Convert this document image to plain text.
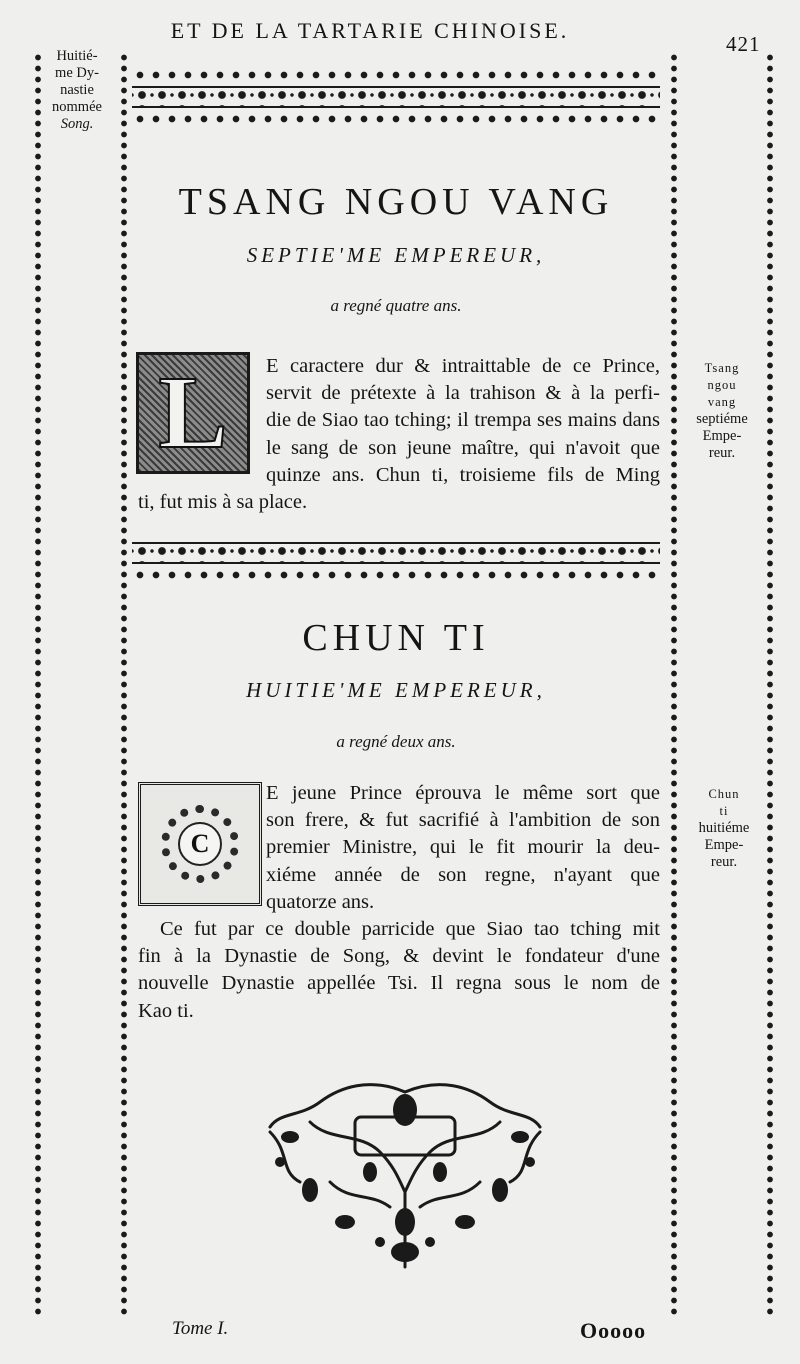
ET DE LA TARTARIE CHINOISE.
421
Huitié-
me Dy-
nastie
nommée
Song.
TSANG NGOU VANG
SEPTIE'ME EMPEREUR,
a regné quatre ans.
L	E caractere dur & intraittable de ce Prince,
servit de prétexte à la trahison & à la perfi-
die de Siao tao tching; il trempa ses mains dans
le sang de son jeune maître, qui n'avoit que
quinze ans. Chun ti, troisieme fils de Ming
ti, fut mis à sa place.
Tsang
ngou
vang
septiéme
Empe-
reur.
CHUN TI
HUITIE'ME EMPEREUR,
a regné deux ans.
C
E jeune Prince éprouva le même sort que
son frere, & fut sacrifié à l'ambition de son
premier Ministre, qui le fit mourir la deu-
xiéme année de son regne, n'ayant que
quatorze ans.
Ce fut par ce double parricide que Siao tao tching mit
fin à la Dynastie de Song, & devint le fondateur d'une
nouvelle Dynastie appellée Tsi. Il regna sous le nom de
Kao ti.
Chun
ti
huitiéme
Empe-
reur.
Tome I.	Ooooo
